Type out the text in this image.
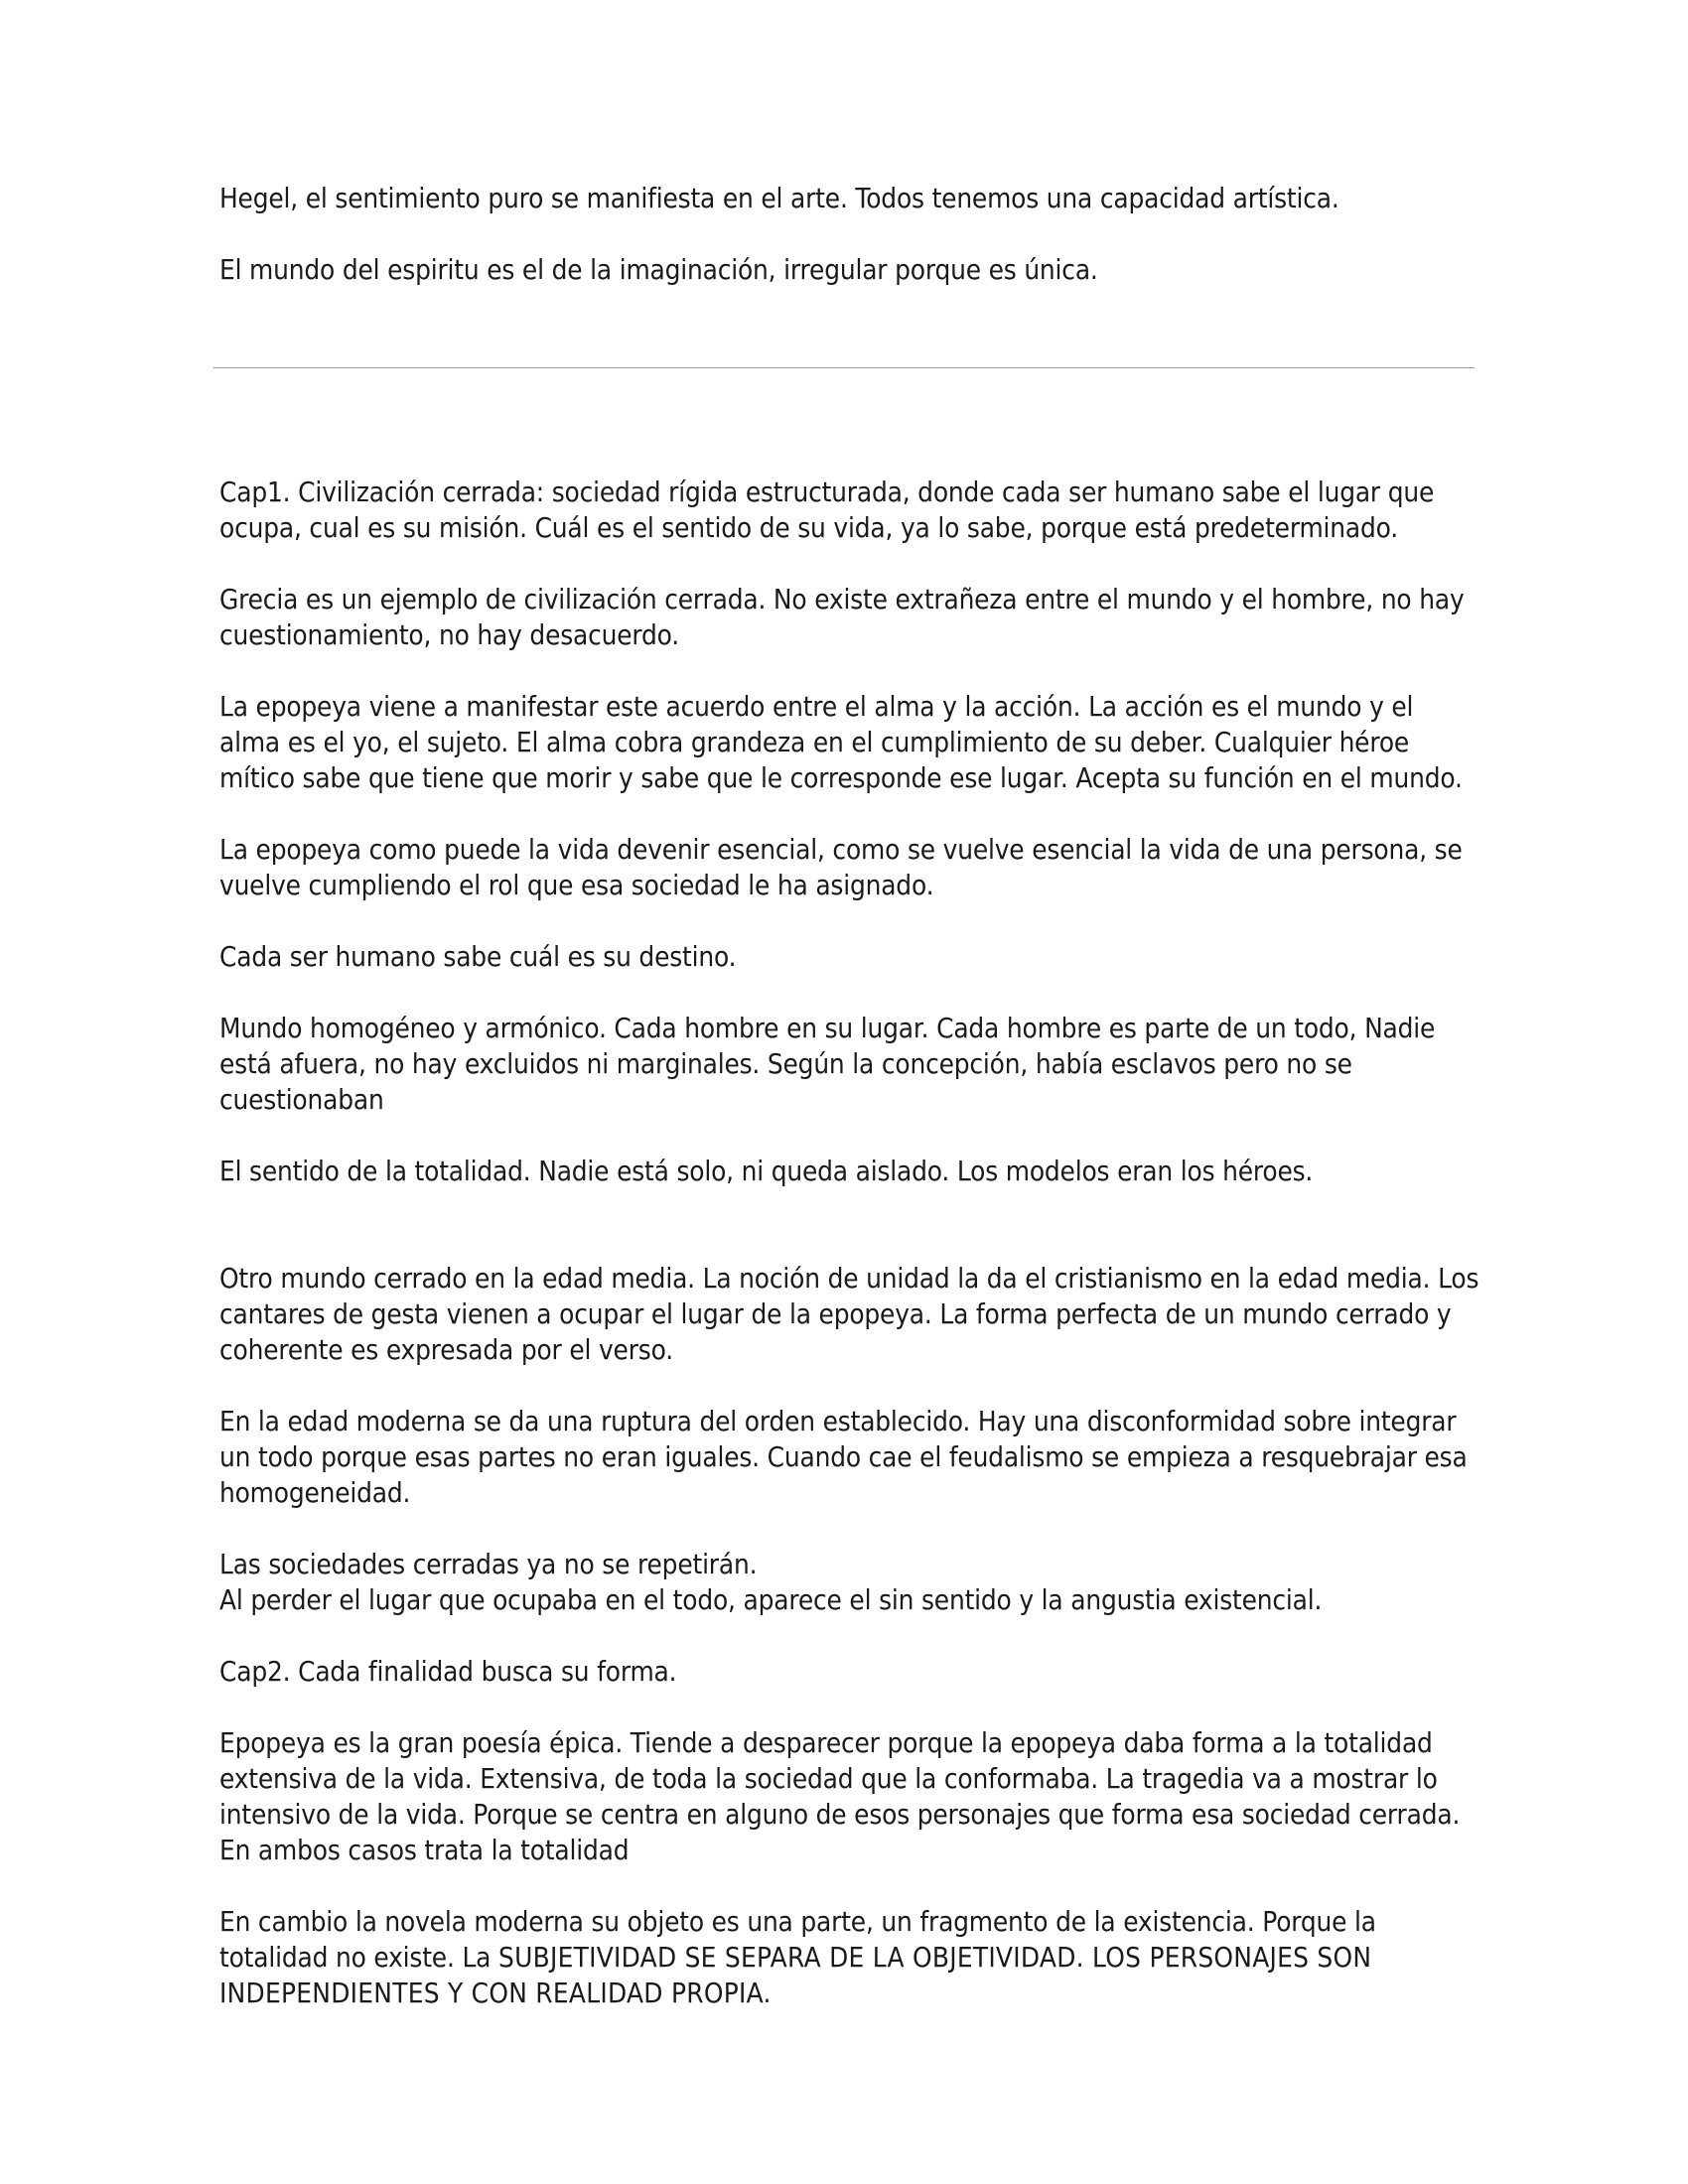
Hegel, el sentimiento puro se manifiesta en el arte. Todos tenemos una capacidad artística.

El mundo del espiritu es el de la imaginación, irregular porque es única.

Cap1. Civilización cerrada: sociedad rígida estructurada, donde cada ser humano sabe el lugar que ocupa, cual es su misión. Cuál es el sentido de su vida, ya lo sabe, porque está predeterminado.

Grecia es un ejemplo de civilización cerrada. No existe extrañeza entre el mundo y el hombre, no hay cuestionamiento, no hay desacuerdo.

La epopeya viene a manifestar este acuerdo entre el alma y la acción. La acción es el mundo y el alma es el yo, el sujeto. El alma cobra grandeza en el cumplimiento de su deber. Cualquier héroe mítico sabe que tiene que morir y sabe que le corresponde ese lugar. Acepta su función en el mundo.

La epopeya como puede la vida devenir esencial, como se vuelve esencial la vida de una persona, se vuelve cumpliendo el rol que esa sociedad le ha asignado.

Cada ser humano sabe cuál es su destino.

Mundo homogéneo y armónico. Cada hombre en su lugar. Cada hombre es parte de un todo, Nadie está afuera, no hay excluidos ni marginales. Según la concepción, había esclavos pero no se cuestionaban

El sentido de la totalidad. Nadie está solo, ni queda aislado. Los modelos eran los héroes.

Otro mundo cerrado en la edad media. La noción de unidad la da el cristianismo en la edad media. Los cantares de gesta vienen a ocupar el lugar de la epopeya. La forma perfecta de un mundo cerrado y coherente es expresada por el verso.

En la edad moderna se da una ruptura del orden establecido. Hay una disconformidad sobre integrar un todo porque esas partes no eran iguales. Cuando cae el feudalismo se empieza a resquebrajar esa homogeneidad.

Las sociedades cerradas ya no se repetirán.

Al perder el lugar que ocupaba en el todo, aparece el sin sentido y la angustia existencial.

Cap2. Cada finalidad busca su forma.

Epopeya es la gran poesía épica. Tiende a desparecer porque la epopeya daba forma a la totalidad extensiva de la vida. Extensiva, de toda la sociedad que la conformaba. La tragedia va a mostrar lo intensivo de la vida. Porque se centra en alguno de esos personajes que forma esa sociedad cerrada. En ambos casos trata la totalidad

En cambio la novela moderna su objeto es una parte, un fragmento de la existencia. Porque la totalidad no existe. La SUBJETIVIDAD SE SEPARA DE LA OBJETIVIDAD. LOS PERSONAJES SON INDEPENDIENTES Y CON REALIDAD PROPIA.
